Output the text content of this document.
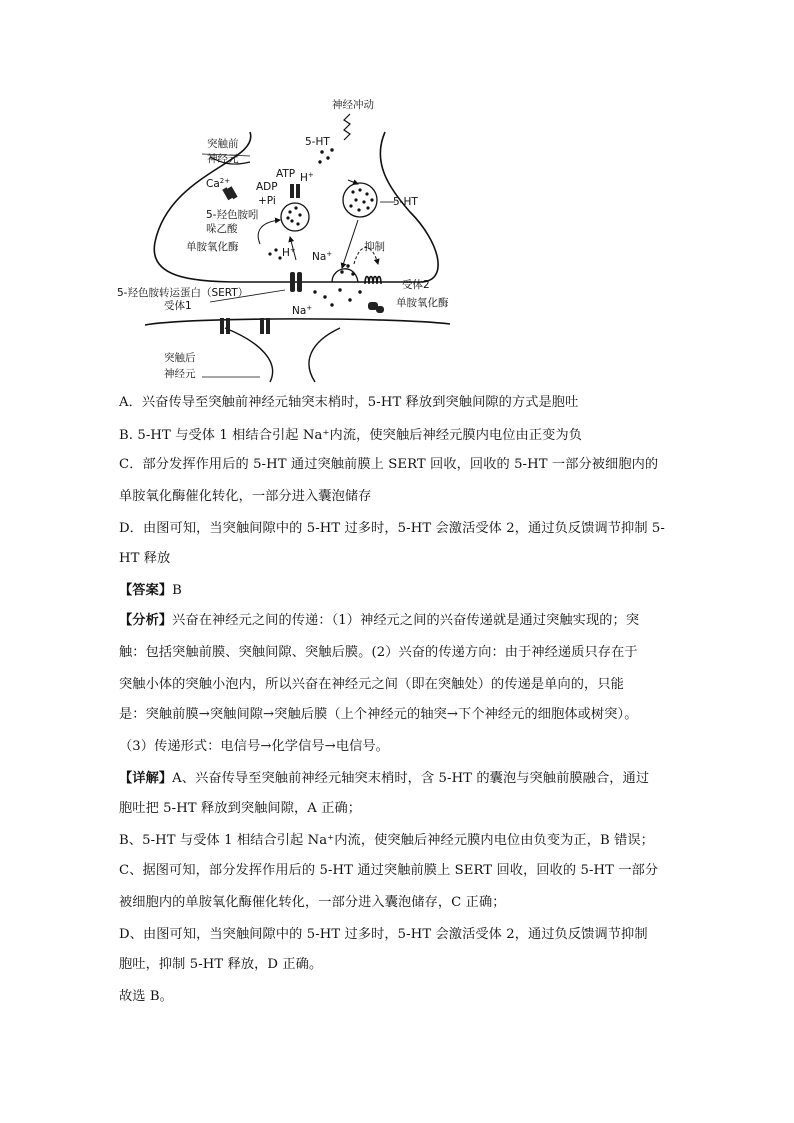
神经冲动
5-HT
突触前
神经元
$Ca^{2+}$
ATP H+
ADP
+Pi	5-HT
5-羟色胺吲
哚乙酸
单胺氧化酶	H+
Na+
抑制
受体2
5-羟色胺转运蛋白（SERT）
受体1	Na+	单胺氧化酶
突触后
神经元
A．兴奋传导至突触前神经元轴突末梢时，5-HT 释放到突触间隙的方式是胞吐
B. 5-HT 与受体 1 相结合引起 Na⁺内流，使突触后神经元膜内电位由正变为负
C．部分发挥作用后的 5-HT 通过突触前膜上 SERT 回收，回收的 5-HT 一部分被细胞内的
单胺氧化酶催化转化，一部分进入囊泡储存
D．由图可知，当突触间隙中的 5-HT 过多时，5-HT 会激活受体 2，通过负反馈调节抑制 5-
HT 释放
【答案】B
【分析】兴奋在神经元之间的传递：（1）神经元之间的兴奋传递就是通过突触实现的；突
触：包括突触前膜、突触间隙、突触后膜。(2）兴奋的传递方向：由于神经递质只存在于
突触小体的突触小泡内，所以兴奋在神经元之间（即在突触处）的传递是单向的，只能
是：突触前膜→突触间隙→突触后膜（上个神经元的轴突→下个神经元的细胞体或树突）。
（3）传递形式：电信号→化学信号→电信号。
【详解】A、兴奋传导至突触前神经元轴突末梢时，含 5-HT 的囊泡与突触前膜融合，通过
胞吐把 5-HT 释放到突触间隙，A 正确；
B、5-HT 与受体 1 相结合引起 Na⁺内流，使突触后神经元膜内电位由负变为正，B 错误；
C、据图可知，部分发挥作用后的 5-HT 通过突触前膜上 SERT 回收，回收的 5-HT 一部分
被细胞内的单胺氧化酶催化转化，一部分进入囊泡储存，C 正确；
D、由图可知，当突触间隙中的 5-HT 过多时，5-HT 会激活受体 2，通过负反馈调节抑制
胞吐，抑制 5-HT 释放，D 正确。
故选 B。
